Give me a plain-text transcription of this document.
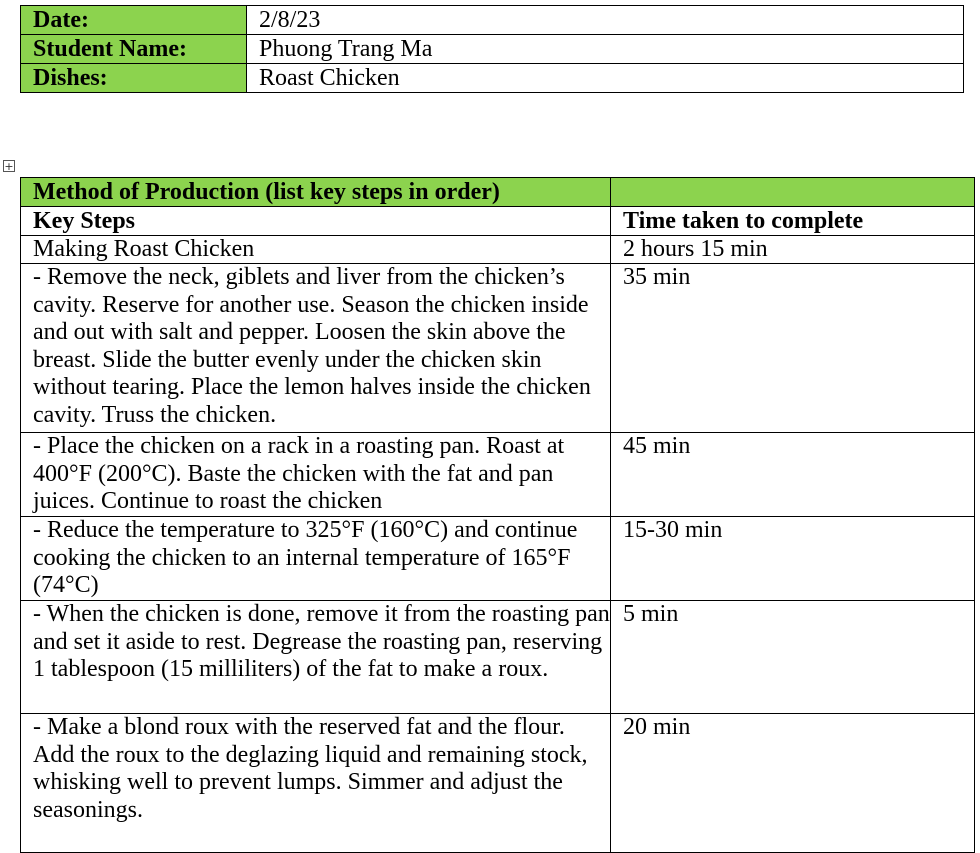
Date:	2/8/23
Student Name:	Phuong Trang Ma
Dishes:	Roast Chicken
+
Method of Production (list key steps in order)	
Key Steps	Time taken to complete
Making Roast Chicken	2 hours 15 min
- Remove the neck, giblets and liver from the chicken’s cavity. Reserve for another use. Season the chicken inside and out with salt and pepper. Loosen the skin above the breast. Slide the butter evenly under the chicken skin without tearing. Place the lemon halves inside the chicken cavity. Truss the chicken.	35 min
- Place the chicken on a rack in a roasting pan. Roast at 400°F (200°C). Baste the chicken with the fat and pan juices. Continue to roast the chicken	45 min
- Reduce the temperature to 325°F (160°C) and continue cooking the chicken to an internal temperature of 165°F (74°C)	15-30 min
- When the chicken is done, remove it from the roasting pan and set it aside to rest. Degrease the roasting pan, reserving 1 tablespoon (15 milliliters) of the fat to make a roux.	5 min
- Make a blond roux with the reserved fat and the flour. Add the roux to the deglazing liquid and remaining stock, whisking well to prevent lumps. Simmer and adjust the seasonings.	20 min
